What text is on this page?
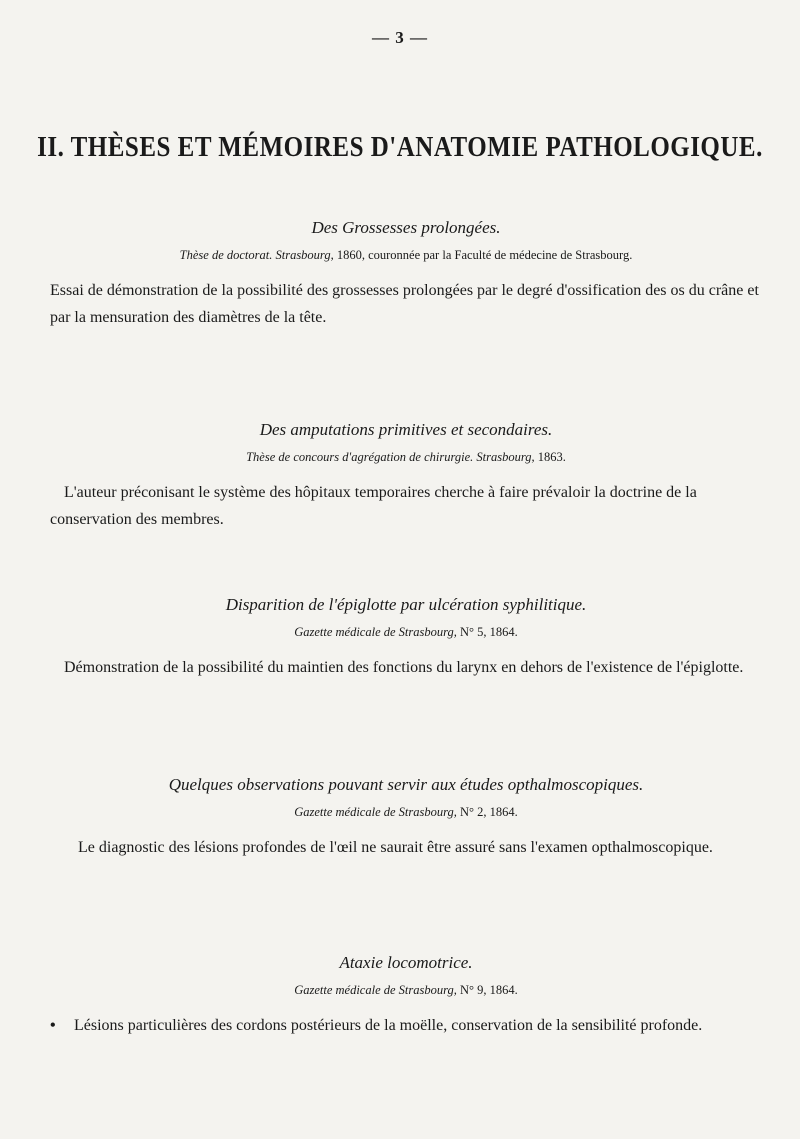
— 3 —
II. THÈSES ET MÉMOIRES D'ANATOMIE PATHOLOGIQUE.

Des Grossesses prolongées.

Thèse de doctorat. Strasbourg, 1860, couronnée par la Faculté de médecine de Strasbourg.

Essai de démonstration de la possibilité des grossesses prolongées par le degré d'ossification des os du crâne et par la mensuration des diamètres de la tête.

Des amputations primitives et secondaires.

Thèse de concours d'agrégation de chirurgie. Strasbourg, 1863.

L'auteur préconisant le système des hôpitaux temporaires cherche à faire prévaloir la doctrine de la conservation des membres.

Disparition de l'épiglotte par ulcération syphilitique.

Gazette médicale de Strasbourg, N° 5, 1864.

Démonstration de la possibilité du maintien des fonctions du larynx en dehors de l'existence de l'épiglotte.

Quelques observations pouvant servir aux études opthalmoscopiques.

Gazette médicale de Strasbourg, N° 2, 1864.

Le diagnostic des lésions profondes de l'œil ne saurait être assuré sans l'examen opthalmoscopique.

Ataxie locomotrice.

Gazette médicale de Strasbourg, N° 9, 1864.

• Lésions particulières des cordons postérieurs de la moëlle, conservation de la sensibilité profonde.
